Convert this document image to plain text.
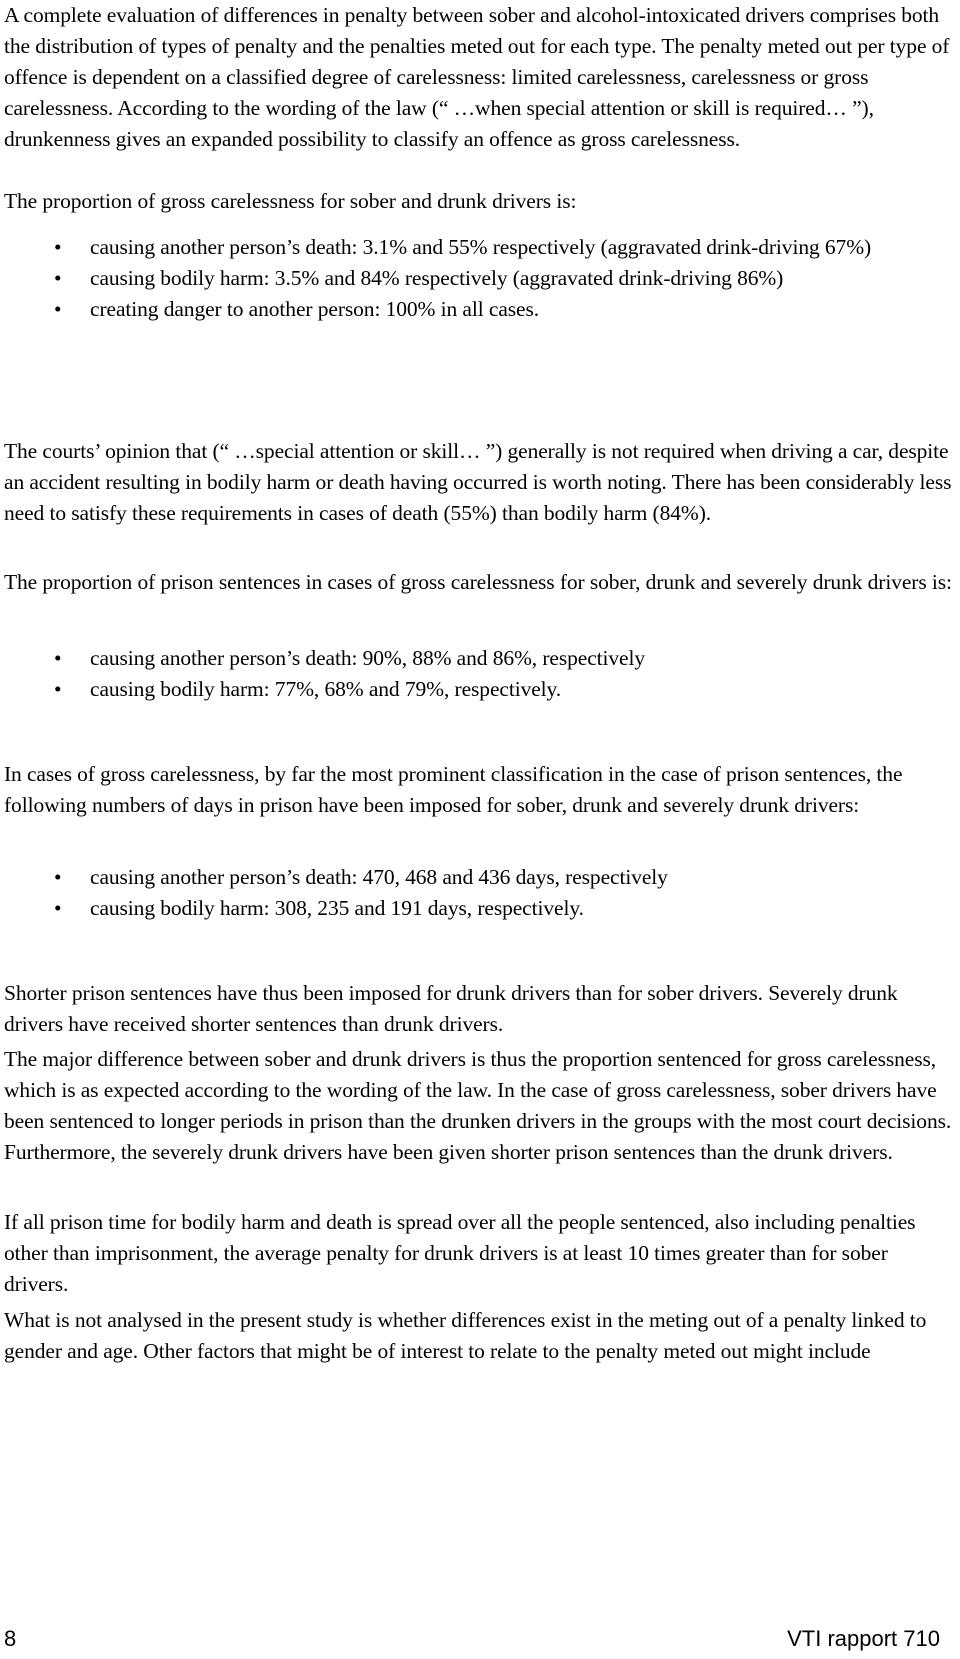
A complete evaluation of differences in penalty between sober and alcohol-intoxicated drivers comprises both the distribution of types of penalty and the penalties meted out for each type. The penalty meted out per type of offence is dependent on a classified degree of carelessness: limited carelessness, carelessness or gross carelessness. According to the wording of the law (“ …when special attention or skill is required… ”), drunkenness gives an expanded possibility to classify an offence as gross carelessness.

The proportion of gross carelessness for sober and drunk drivers is:

• causing another person’s death: 3.1% and 55% respectively (aggravated drink-driving 67%)
• causing bodily harm: 3.5% and 84% respectively (aggravated drink-driving 86%)
• creating danger to another person: 100% in all cases.

The courts’ opinion that (“ …special attention or skill… ”) generally is not required when driving a car, despite an accident resulting in bodily harm or death having occurred is worth noting. There has been considerably less need to satisfy these requirements in cases of death (55%) than bodily harm (84%).

The proportion of prison sentences in cases of gross carelessness for sober, drunk and severely drunk drivers is:

• causing another person’s death: 90%, 88% and 86%, respectively
• causing bodily harm: 77%, 68% and 79%, respectively.

In cases of gross carelessness, by far the most prominent classification in the case of prison sentences, the following numbers of days in prison have been imposed for sober, drunk and severely drunk drivers:

• causing another person’s death: 470, 468 and 436 days, respectively
• causing bodily harm: 308, 235 and 191 days, respectively.

Shorter prison sentences have thus been imposed for drunk drivers than for sober drivers. Severely drunk drivers have received shorter sentences than drunk drivers.

The major difference between sober and drunk drivers is thus the proportion sentenced for gross carelessness, which is as expected according to the wording of the law. In the case of gross carelessness, sober drivers have been sentenced to longer periods in prison than the drunken drivers in the groups with the most court decisions. Furthermore, the severely drunk drivers have been given shorter prison sentences than the drunk drivers.

If all prison time for bodily harm and death is spread over all the people sentenced, also including penalties other than imprisonment, the average penalty for drunk drivers is at least 10 times greater than for sober drivers.

What is not analysed in the present study is whether differences exist in the meting out of a penalty linked to gender and age. Other factors that might be of interest to relate to the penalty meted out might include

8	VTI rapport 710
